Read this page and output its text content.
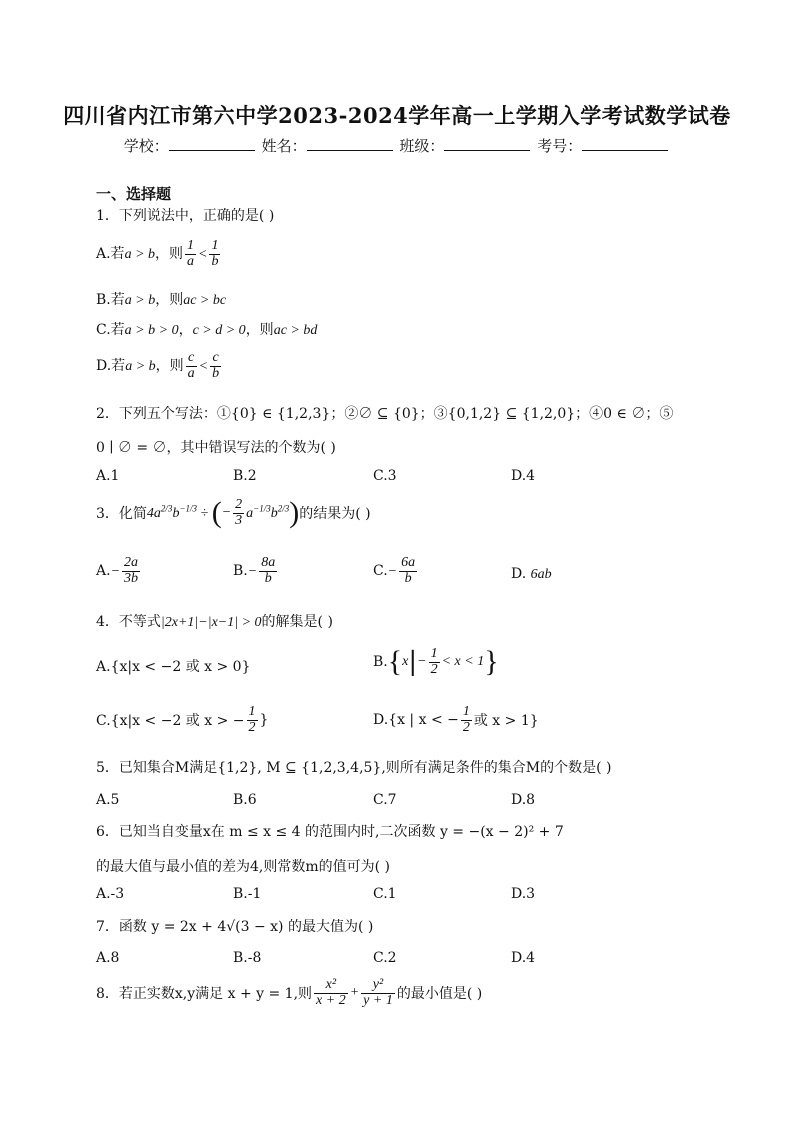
四川省内江市第六中学2023-2024学年高一上学期入学考试数学试卷
学校：	姓名：	班级：	考号：
一、选择题
1．下列说法中，正确的是( )
A.若a > b，则 $\frac{1}{a} < \frac{1}{b}$
B.若a > b，则ac > bc
C.若a > b > 0，c > d > 0，则ac > bd
D.若a > b，则 $\frac{c}{a} < \frac{c}{b}$
2．下列五个写法：①{0} ∈ {1,2,3}；②∅ ⊆ {0}；③{0,1,2} ⊆ {1,2,0}；④0 ∈ ∅；⑤
0 ∣ ∅ = ∅，其中错误写法的个数为( )
A.1	B.2	C.3	D.4
3．化简$4a^{2/3}b^{-1/3}$ ÷ (− $\frac{2}{3} a^{-1/3}b^{2/3}$)的结果为( )
$A.- \frac{2a}{3b}$	$B.- \frac{8a}{b}$	$C.- \frac{6a}{b}$	D. 6ab
4．不等式|2x+1|−|x−1| > 0的解集是( )
A.{x|x < −2 或 x > 0}	$B.\{x|- \frac{1}{2} < x < 1\}$
C.{x|x < −2 或 x > − $\frac{1}{2}$ }	D.{x | x < − $\frac{1}{2}$ 或 x > 1}
5．已知集合M满足{1,2}, M ⊆ {1,2,3,4,5},则所有满足条件的集合M的个数是( )
A.5	B.6	C.7	D.8
6．已知当自变量x在 m ≤ x ≤ 4 的范围内时,二次函数 y = −(x − 2)² + 7
的最大值与最小值的差为4,则常数m的值可为( )
A.-3	B.-1	C.1	D.3
7．函数 y = 2x + 4√(3 − x) 的最大值为( )
A.8	B.-8	C.2	D.4
8．若正实数x,y满足 x + y = 1,则 $\frac{\text{x²}}{x + 2} + \frac{\text{y²}}{y + 1}$ 的最小值是( )
